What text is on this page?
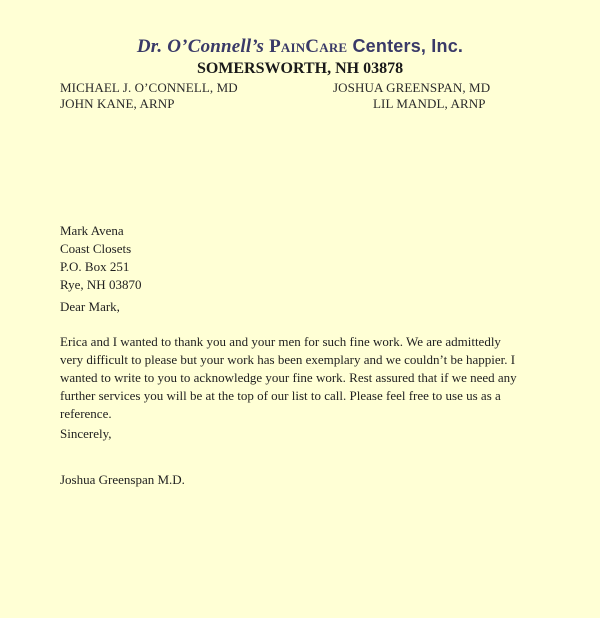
Dr. O’Connell’s PainCare Centers, Inc.
SOMERSWORTH, NH 03878
MICHAEL J. O’CONNELL, MD	JOSHUA GREENSPAN, MD
JOHN KANE, ARNP	LIL MANDL, ARNP
Mark Avena
Coast Closets
P.O. Box 251
Rye, NH 03870
Dear Mark,
Erica and I wanted to thank you and your men for such fine work. We are admittedly
very difficult to please but your work has been exemplary and we couldn’t be happier. I
wanted to write to you to acknowledge your fine work. Rest assured that if we need any
further services you will be at the top of our list to call. Please feel free to use us as a
reference.
Sincerely,
Joshua Greenspan M.D.
